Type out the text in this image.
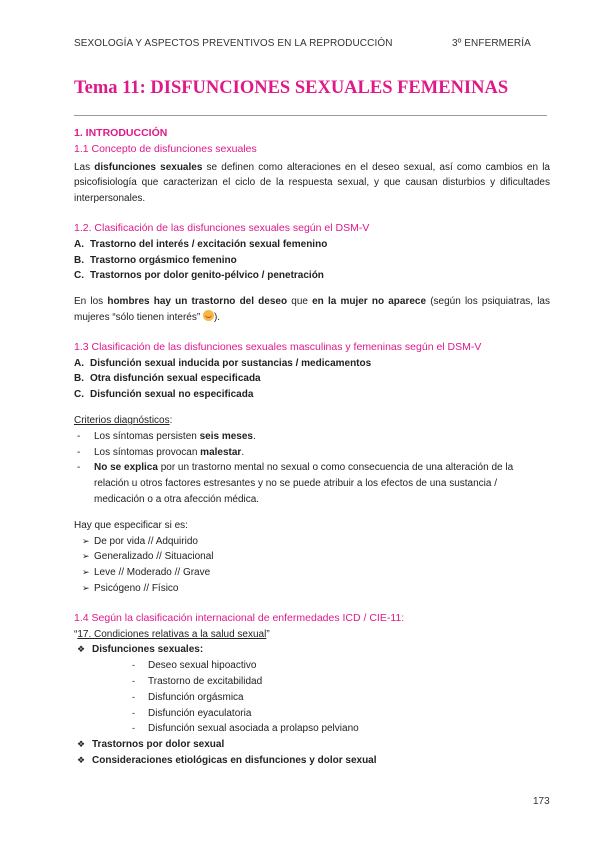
SEXOLOGÍA Y ASPECTOS PREVENTIVOS EN LA REPRODUCCIÓN	3º ENFERMERÍA
Tema 11: DISFUNCIONES SEXUALES FEMENINAS
1. INTRODUCCIÓN
1.1 Concepto de disfunciones sexuales

Las disfunciones sexuales se definen como alteraciones en el deseo sexual, así como cambios en la psicofisiología que caracterizan el ciclo de la respuesta sexual, y que causan disturbios y dificultades interpersonales.

1.2. Clasificación de las disfunciones sexuales según el DSM-V
A. Trastorno del interés / excitación sexual femenino
B. Trastorno orgásmico femenino
C. Trastornos por dolor genito-pélvico / penetración

En los hombres hay un trastorno del deseo que en la mujer no aparece (según los psiquiatras, las mujeres “sólo tienen interés” ).

1.3 Clasificación de las disfunciones sexuales masculinas y femeninas según el DSM-V
A. Disfunción sexual inducida por sustancias / medicamentos
B. Otra disfunción sexual especificada
C. Disfunción sexual no especificada

Criterios diagnósticos:

- Los síntomas persisten seis meses.
- Los síntomas provocan malestar.
- No se explica por un trastorno mental no sexual o como consecuencia de una alteración de la relación u otros factores estresantes y no se puede atribuir a los efectos de una sustancia / medicación o a otra afección médica.

Hay que especificar si es:

➢ De por vida // Adquirido
➢ Generalizado // Situacional
➢ Leve // Moderado // Grave
➢ Psicógeno // Físico
1.4 Según la clasificación internacional de enfermedades ICD / CIE-11:

“17. Condiciones relativas a la salud sexual”

❖ Disfunciones sexuales:
- Deseo sexual hipoactivo
- Trastorno de excitabilidad
- Disfunción orgásmica
- Disfunción eyaculatoria
- Disfunción sexual asociada a prolapso pelviano
❖ Trastornos por dolor sexual
❖ Consideraciones etiológicas en disfunciones y dolor sexual
173
